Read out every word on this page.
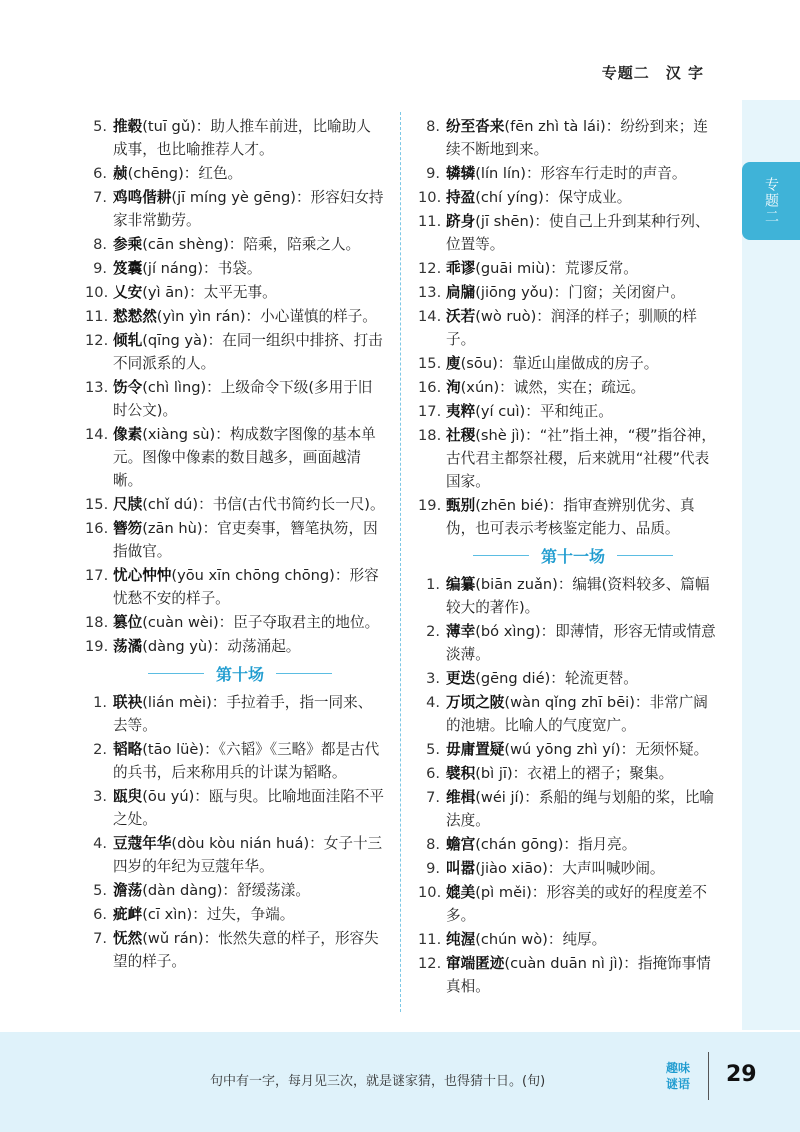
专题二　汉 字
专题二
5. 推毂(tuī gǔ)：助人推车前进，比喻助人成事，也比喻推荐人才。
6. 赪(chēng)：红色。
7. 鸡鸣偕耕(jī míng yè gēng)：形容妇女持家非常勤劳。
8. 参乘(cān shèng)：陪乘，陪乘之人。
9. 笈囊(jí náng)：书袋。
10. 乂安(yì ān)：太平无事。
11. 慭慭然(yìn yìn rán)：小心谨慎的样子。
12. 倾轧(qīng yà)：在同一组织中排挤、打击不同派系的人。
13. 饬令(chì lìng)：上级命令下级(多用于旧时公文)。
14. 像素(xiàng sù)：构成数字图像的基本单元。图像中像素的数目越多，画面越清晰。
15. 尺牍(chǐ dú)：书信(古代书简约长一尺)。
16. 簪笏(zān hù)：官吏奏事，簪笔执笏，因指做官。
17. 忧心忡忡(yōu xīn chōng chōng)：形容忧愁不安的样子。
18. 篡位(cuàn wèi)：臣子夺取君主的地位。
19. 荡潏(dàng yù)：动荡涌起。
第十场
1. 联袂(lián mèi)：手拉着手，指一同来、去等。
2. 韬略(tāo lüè)：《六韬》《三略》都是古代的兵书，后来称用兵的计谋为韬略。
3. 瓯臾(ōu yú)：瓯与臾。比喻地面洼陷不平之处。
4. 豆蔻年华(dòu kòu nián huá)：女子十三四岁的年纪为豆蔻年华。
5. 澹荡(dàn dàng)：舒缓荡漾。
6. 疵衅(cī xìn)：过失，争端。
7. 怃然(wǔ rán)：怅然失意的样子，形容失望的样子。
8. 纷至沓来(fēn zhì tà lái)：纷纷到来；连续不断地到来。
9. 辚辚(lín lín)：形容车行走时的声音。
10. 持盈(chí yíng)：保守成业。
11. 跻身(jī shēn)：使自己上升到某种行列、位置等。
12. 乖谬(guāi miù)：荒谬反常。
13. 扃牖(jiōng yǒu)：门窗；关闭窗户。
14. 沃若(wò ruò)：润泽的样子；驯顺的样子。
15. 廋(sōu)：靠近山崖做成的房子。
16. 洵(xún)：诚然，实在；疏远。
17. 夷粹(yí cuì)：平和纯正。
18. 社稷(shè jì)：“社”指土神，“稷”指谷神，古代君主都祭社稷，后来就用“社稷”代表国家。
19. 甄别(zhēn bié)：指审查辨别优劣、真伪，也可表示考核鉴定能力、品质。
第十一场
1. 编纂(biān zuǎn)：编辑(资料较多、篇幅较大的著作)。
2. 薄幸(bó xìng)：即薄情，形容无情或情意淡薄。
3. 更迭(gēng dié)：轮流更替。
4. 万顷之陂(wàn qǐng zhī bēi)：非常广阔的池塘。比喻人的气度宽广。
5. 毋庸置疑(wú yōng zhì yí)：无须怀疑。
6. 襞积(bì jī)：衣裙上的褶子；聚集。
7. 维楫(wéi jí)：系船的绳与划船的桨，比喻法度。
8. 蟾宫(chán gōng)：指月亮。
9. 叫嚣(jiào xiāo)：大声叫喊吵闹。
10. 媲美(pì měi)：形容美的或好的程度差不多。
11. 纯渥(chún wò)：纯厚。
12. 窜端匿迹(cuàn duān nì jì)：指掩饰事情真相。
句中有一字，每月见三次，就是谜家猜，也得猜十日。(旬)
趣味
谜语 29
